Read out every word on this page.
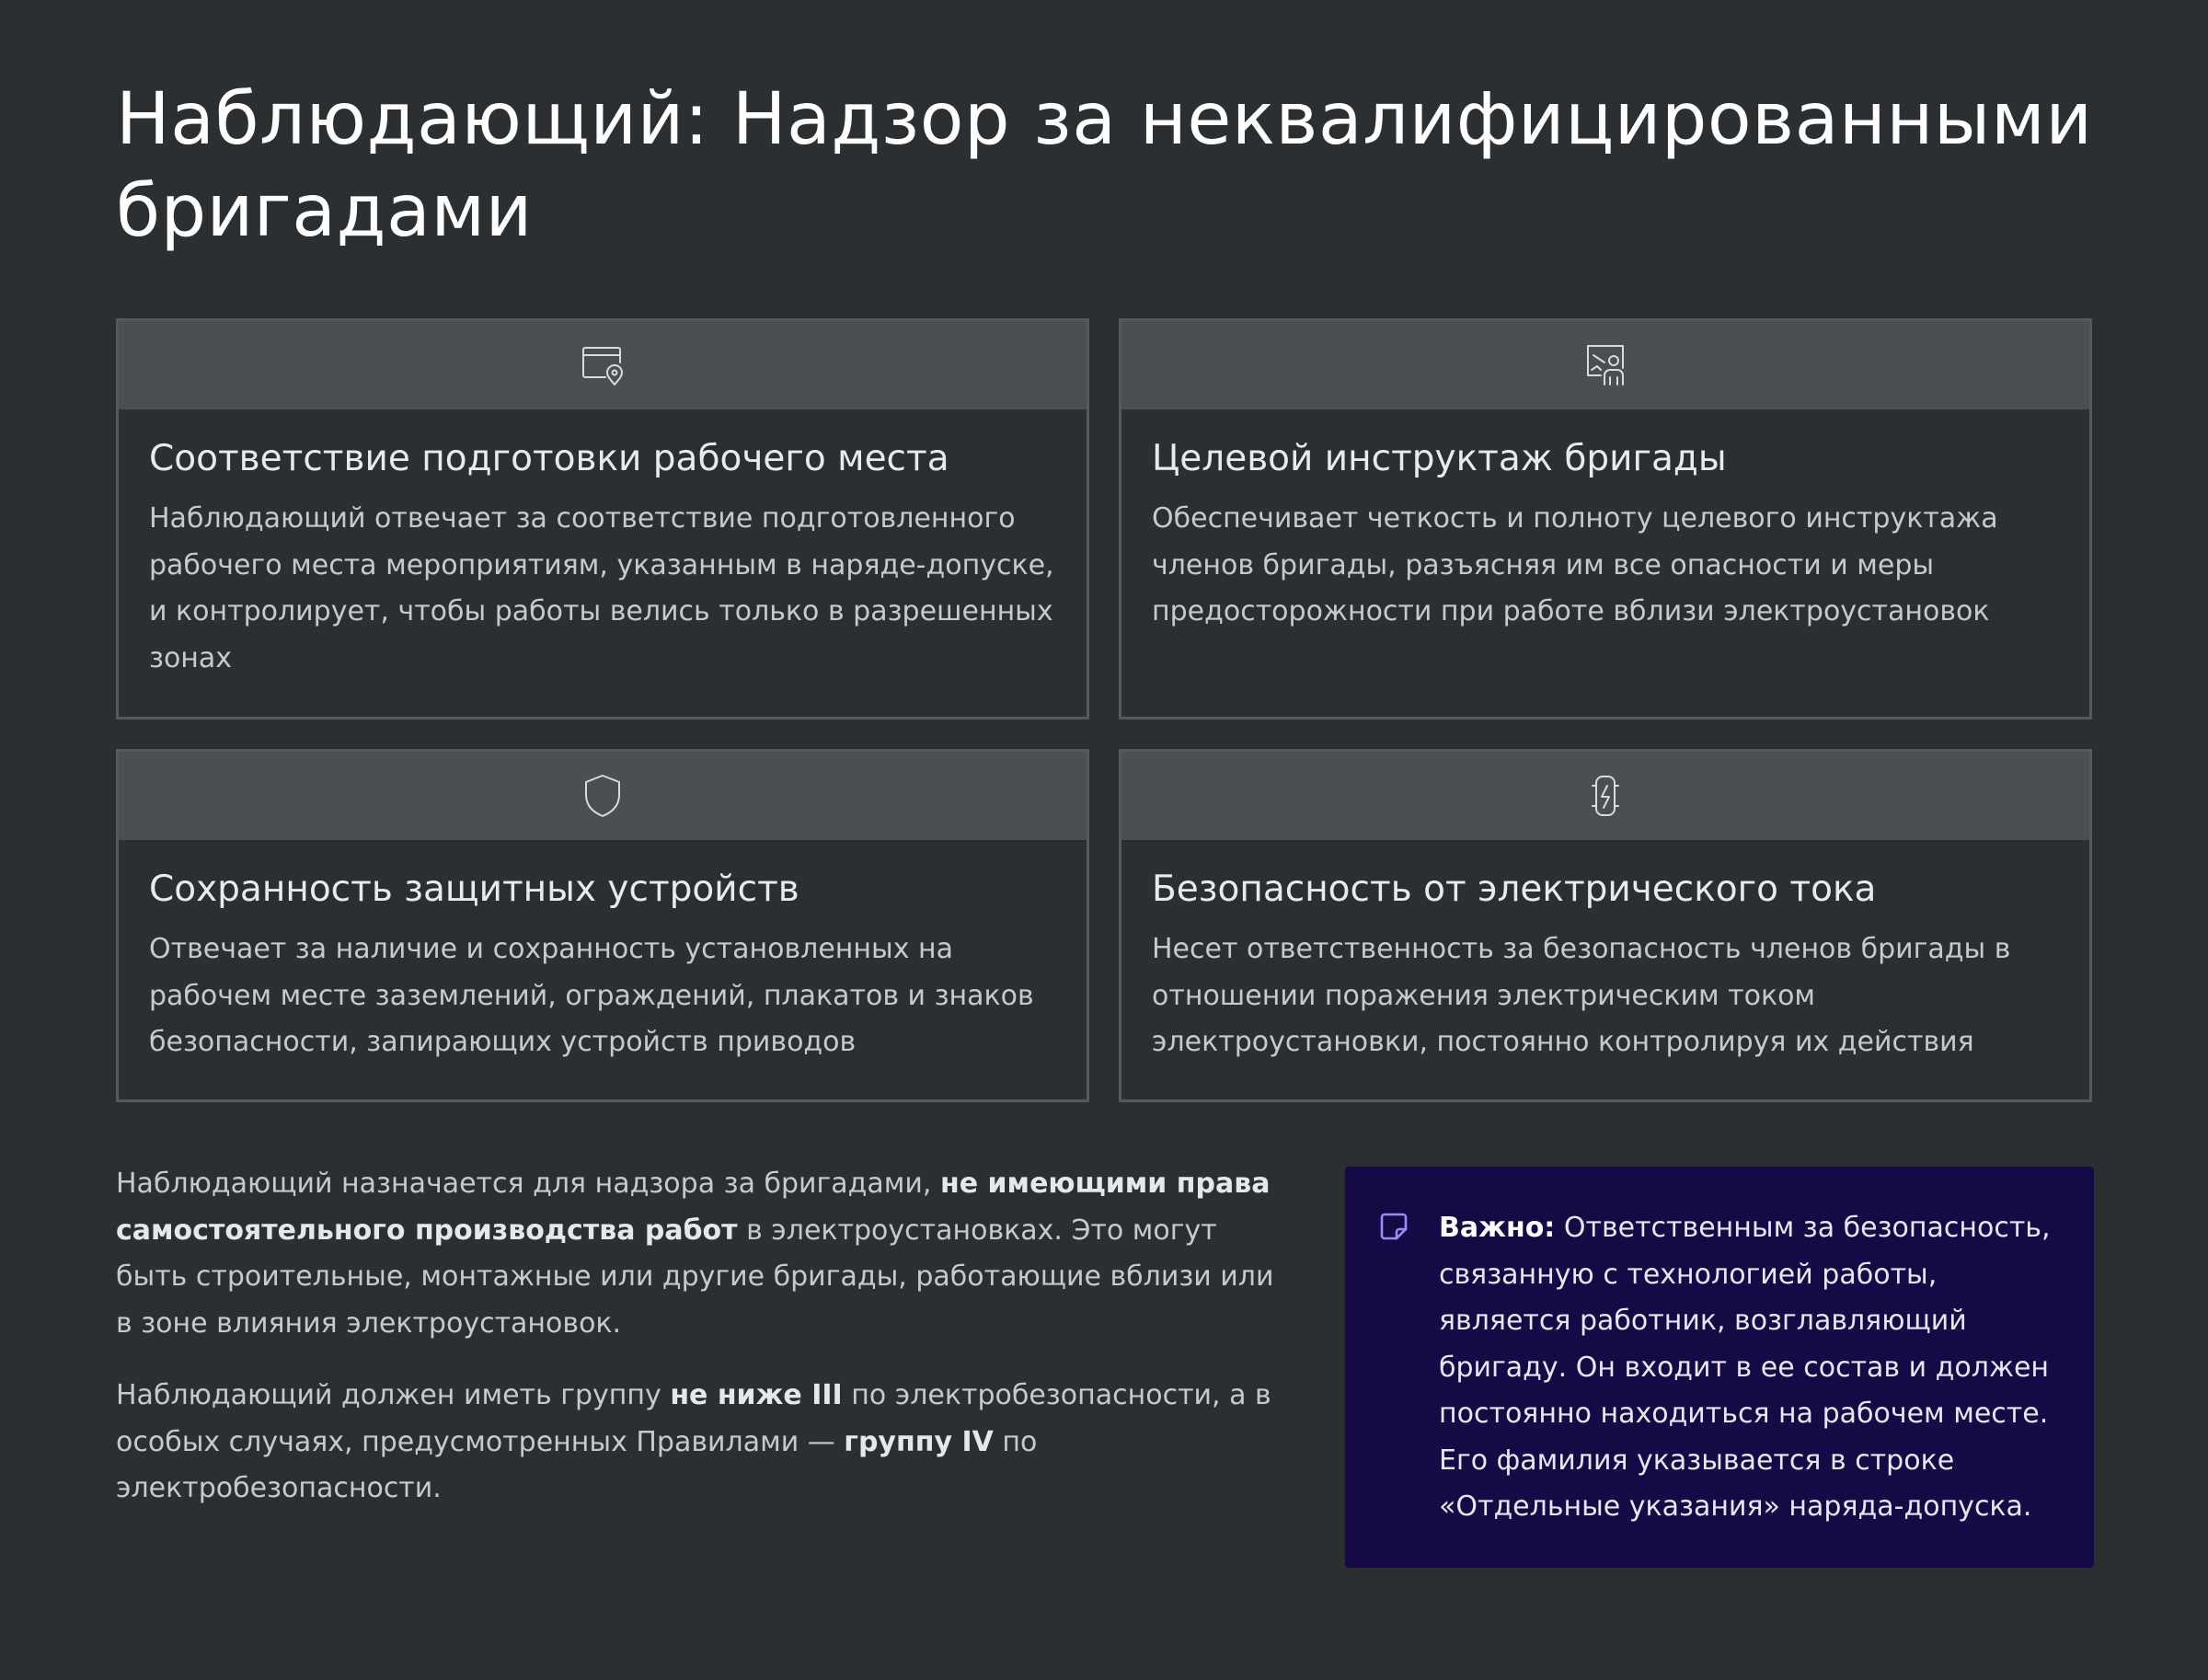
Наблюдающий: Надзор за неквалифицированными бригадами
Соответствие подготовки рабочего места

Наблюдающий отвечает за соответствие подготовленного рабочего места мероприятиям, указанным в наряде-допуске, и контролирует, чтобы работы велись только в разрешенных зонах

Целевой инструктаж бригады

Обеспечивает четкость и полноту целевого инструктажа членов бригады, разъясняя им все опасности и меры предосторожности при работе вблизи электроустановок

Сохранность защитных устройств

Отвечает за наличие и сохранность установленных на рабочем месте заземлений, ограждений, плакатов и знаков безопасности, запирающих устройств приводов

Безопасность от электрического тока

Несет ответственность за безопасность членов бригады в отношении поражения электрическим током электроустановки, постоянно контролируя их действия

Наблюдающий назначается для надзора за бригадами, не имеющими права самостоятельного производства работ в электроустановках. Это могут быть строительные, монтажные или другие бригады, работающие вблизи или в зоне влияния электроустановок.

Наблюдающий должен иметь группу не ниже III по электробезопасности, а в особых случаях, предусмотренных Правилами — группу IV по электробезопасности.

Важно: Ответственным за безопасность, связанную с технологией работы, является работник, возглавляющий бригаду. Он входит в ее состав и должен постоянно находиться на рабочем месте. Его фамилия указывается в строке «Отдельные указания» наряда-допуска.
